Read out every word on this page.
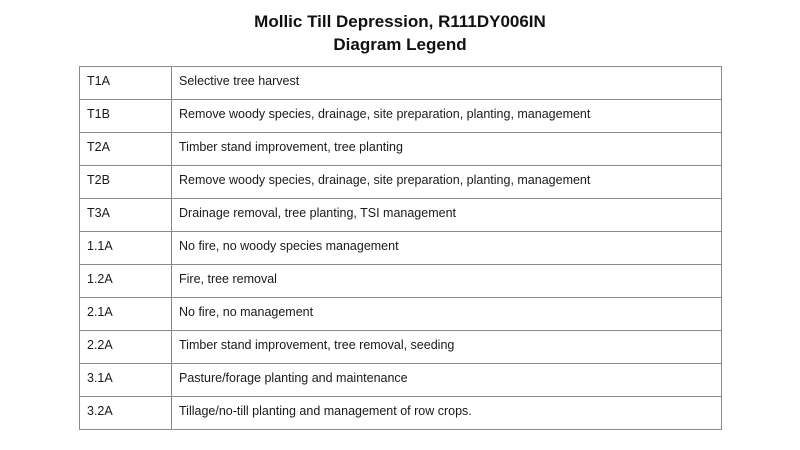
Mollic Till Depression, R111DY006IN
Diagram Legend
T1A	Selective tree harvest

T1B	Remove woody species, drainage, site preparation, planting, management

T2A	Timber stand improvement, tree planting

T2B	Remove woody species, drainage, site preparation, planting, management

T3A	Drainage removal, tree planting, TSI management

1.1A	No fire, no woody species management

1.2A	Fire, tree removal

2.1A	No fire, no management

2.2A	Timber stand improvement, tree removal, seeding

3.1A	Pasture/forage planting and maintenance

3.2A	Tillage/no-till planting and management of row crops.
